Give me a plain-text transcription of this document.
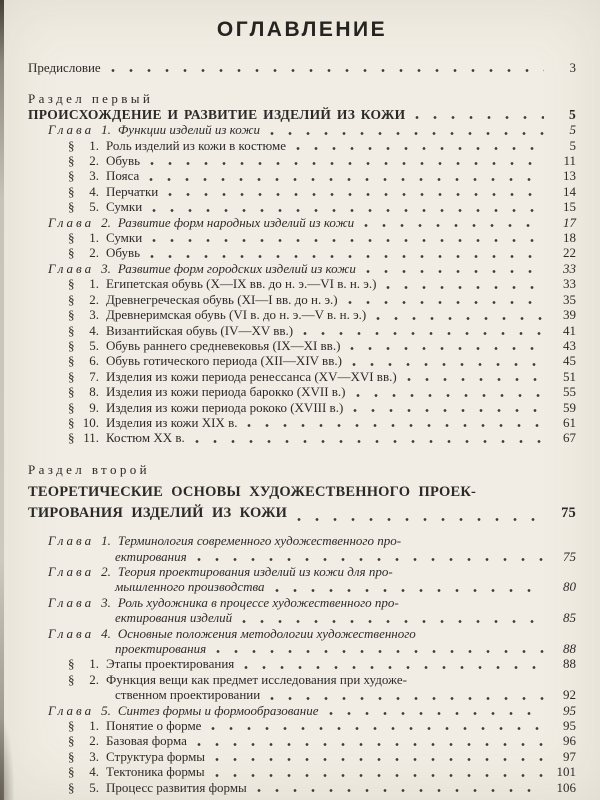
ОГЛАВЛЕНИЕ
Предисловие	3
Раздел первый
ПРОИСХОЖДЕНИЕ И РАЗВИТИЕ ИЗДЕЛИЙ ИЗ КОЖИ	5
Глава 1. Функции изделий из кожи	5
§	1. Роль изделий из кожи в костюме	5
§	2. Обувь	11
§	3. Пояса	13
§	4. Перчатки	14
§	5. Сумки	15
Глава 2. Развитие форм народных изделий из кожи	17
§	1. Сумки	18
§	2. Обувь	22
Глава 3. Развитие форм городских изделий из кожи	33
§	1. Египетская обувь (X—IX вв. до н. э.—VI в. н. э.)	33
§	2. Древнегреческая обувь (XI—I вв. до н. э.)	35
§	3. Древнеримская обувь (VI в. до н. э.—V в. н. э.)	39
§	4. Византийская обувь (IV—XV вв.)	41
§	5. Обувь раннего средневековья (IX—XI вв.)	43
§	6. Обувь готического периода (XII—XIV вв.)	45
§	7. Изделия из кожи периода ренессанса (XV—XVI вв.)	51
§	8. Изделия из кожи периода барокко (XVII в.)	55
§	9. Изделия из кожи периода рококо (XVIII в.)	59
§ 10. Изделия из кожи XIX в.	61
§ 11. Костюм XX в.	67
Раздел второй
ТЕОРЕТИЧЕСКИЕ ОСНОВЫ ХУДОЖЕСТВЕННОГО ПРОЕК-
ТИРОВАНИЯ ИЗДЕЛИЙ ИЗ КОЖИ	75
Глава 1. Терминология современного художественного про-
ектирования	75
Глава 2. Теория проектирования изделий из кожи для про-
мышленного производства	80
Глава 3. Роль художника в процессе художественного про-
ектирования изделий	85
Глава 4. Основные положения методологии художественного
проектирования	88
§	1. Этапы проектирования	88
§	2. Функция вещи как предмет исследования при художе-
ственном проектировании	92
Глава 5. Синтез формы и формообразование	95
§	1. Понятие о форме	95
§	2. Базовая форма	96
§	3. Структура формы	97
§	4. Тектоника формы	101
§	5. Процесс развития формы	106
